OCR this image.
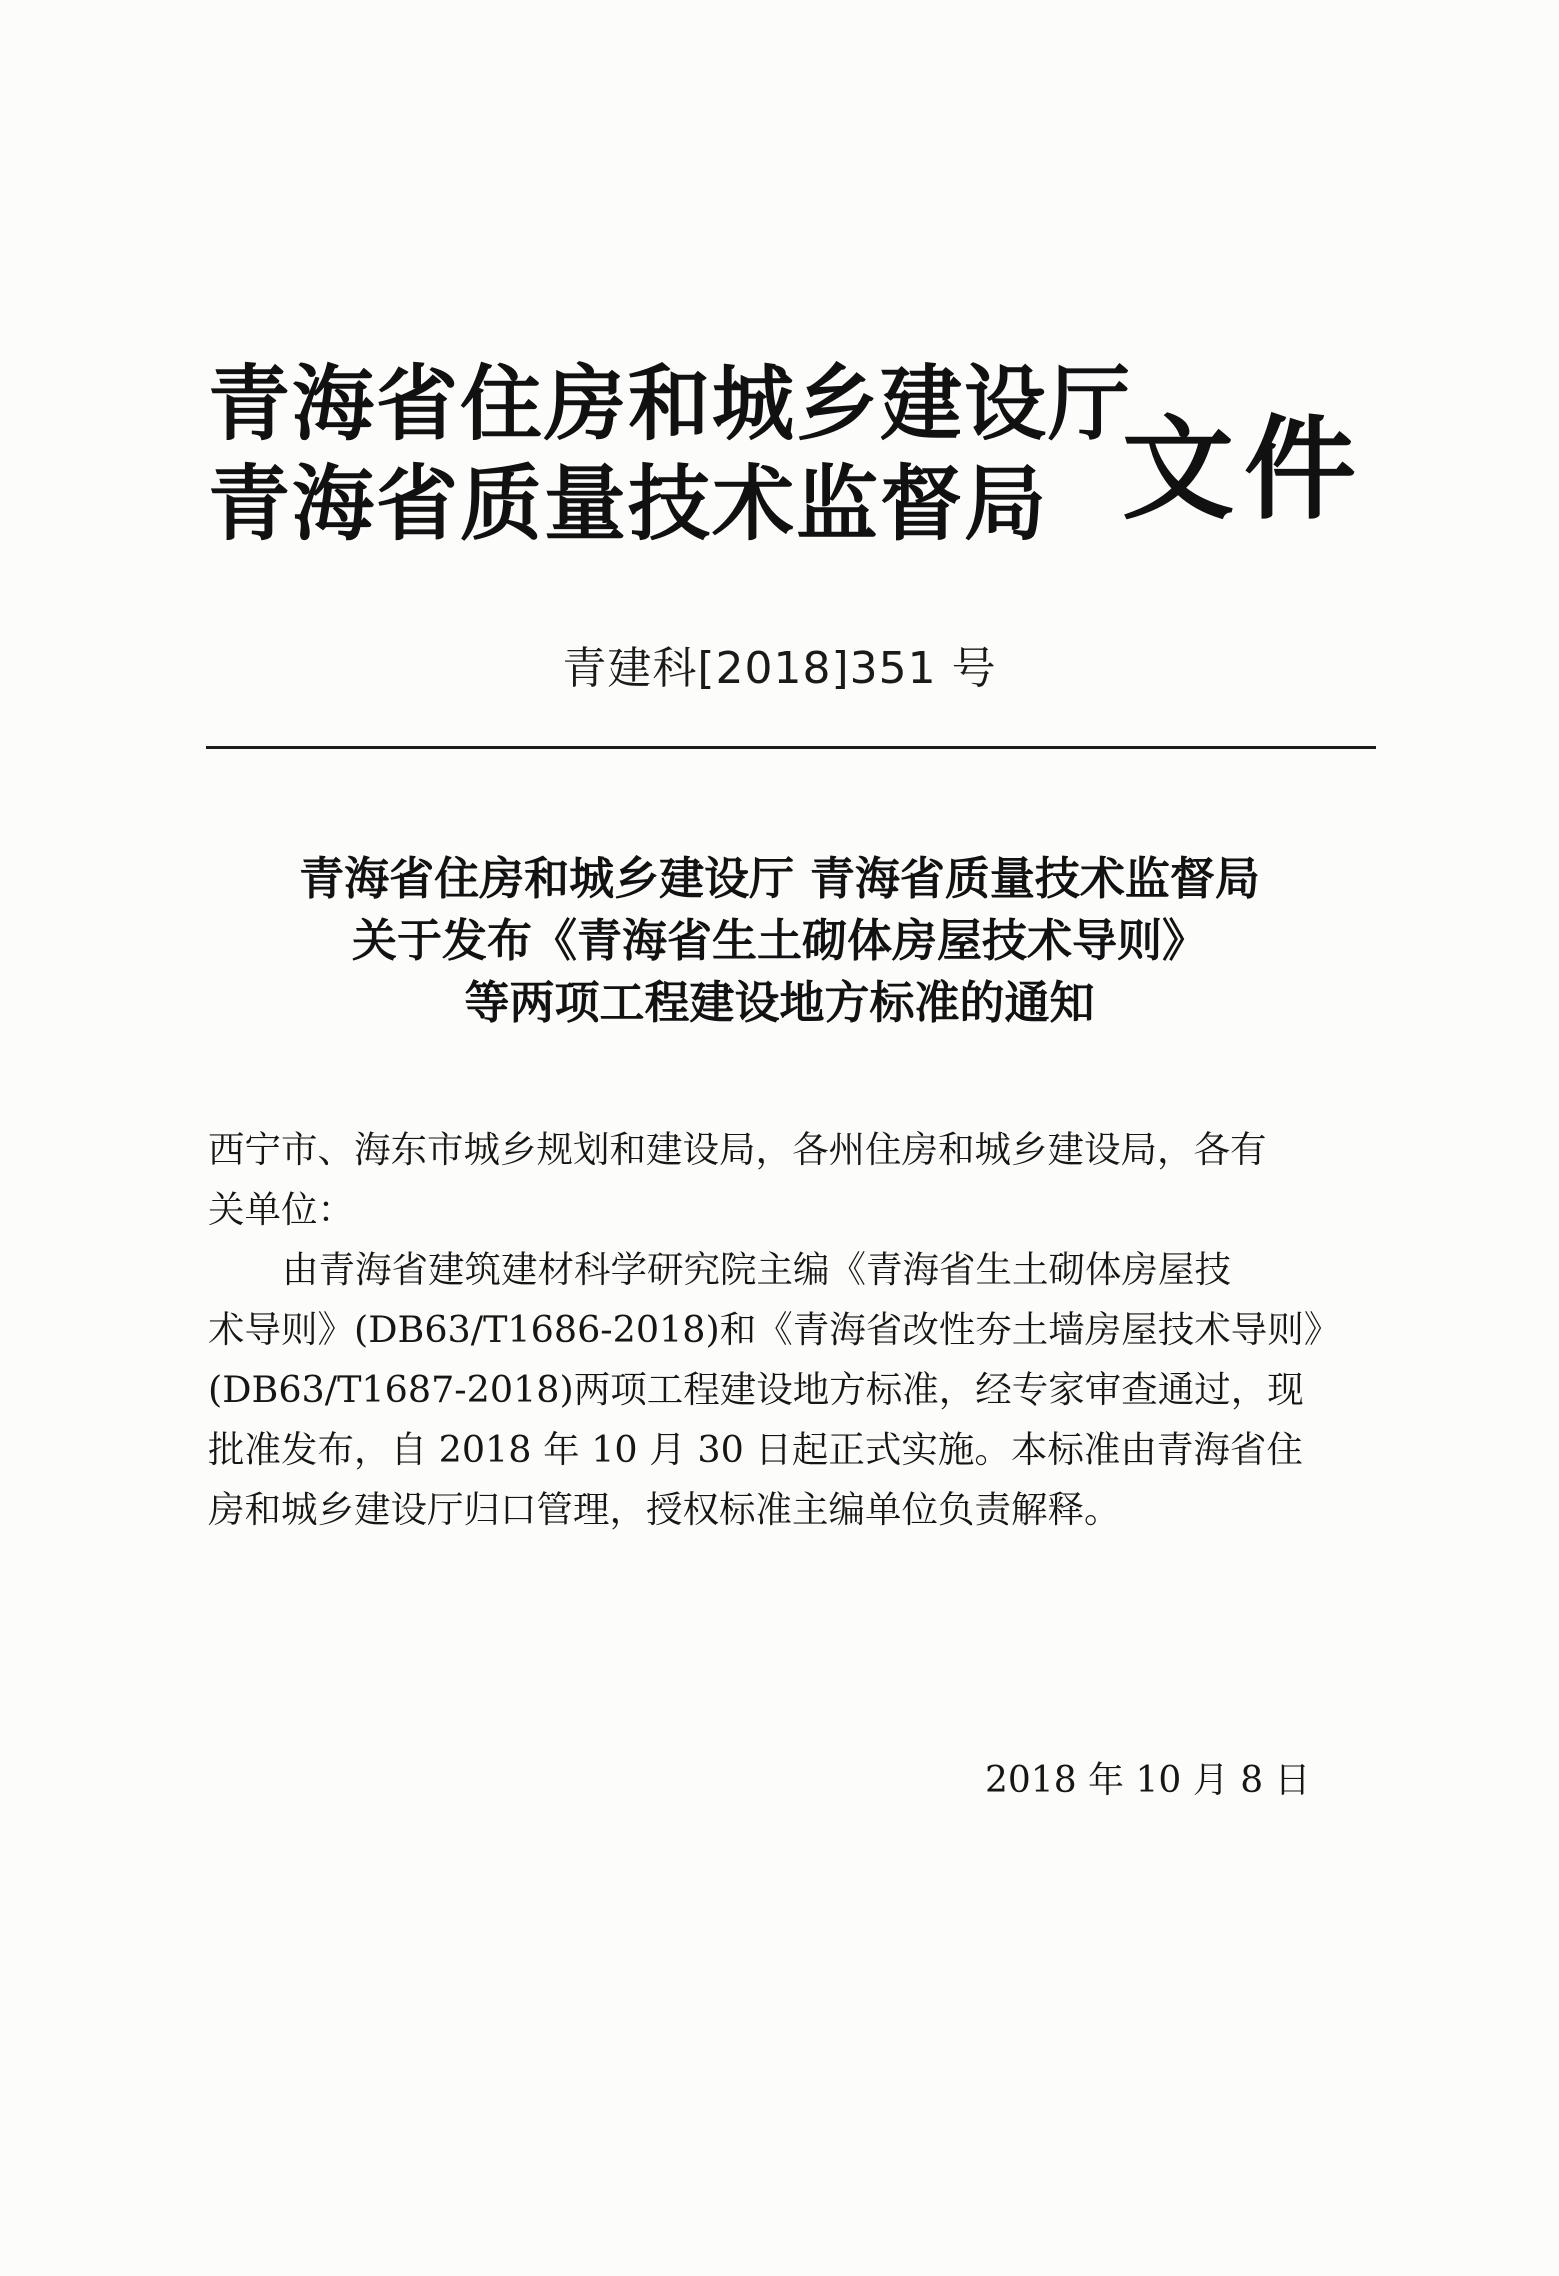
青海省住房和城乡建设厅
青海省质量技术监督局 文件
青建科[2018]351 号
青海省住房和城乡建设厅 青海省质量技术监督局
关于发布《青海省生土砌体房屋技术导则》
等两项工程建设地方标准的通知
西宁市、海东市城乡规划和建设局，各州住房和城乡建设局，各有
关单位：
由青海省建筑建材科学研究院主编《青海省生土砌体房屋技
术导则》(DB63/T1686-2018)和《青海省改性夯土墙房屋技术导则》
(DB63/T1687-2018)两项工程建设地方标准，经专家审查通过，现
批准发布，自 2018 年 10 月 30 日起正式实施。本标准由青海省住
房和城乡建设厅归口管理，授权标准主编单位负责解释。
2018 年 10 月 8 日
